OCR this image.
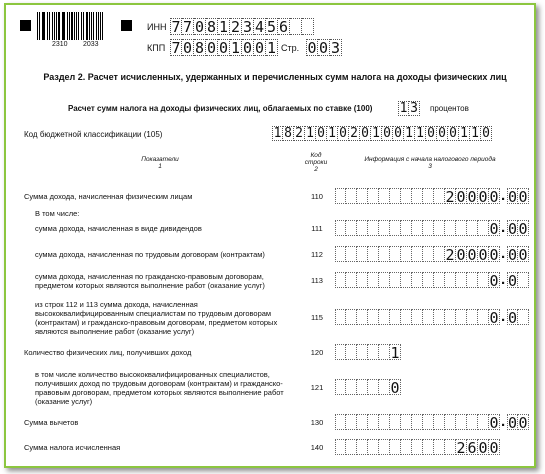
2310 2033
ИНН 7 7 0 8 1 2 3 4 5 6
КПП 7 0 8 0 0 1 0 0 1 Стр. 0 0 3
Раздел 2. Расчет исчисленных, удержанных и перечисленных сумм налога на доходы физических лиц
Расчет сумм налога на доходы физических лиц, облагаемых по ставке (100) 1 3 процентов
Код бюджетной классификации (105)	1 8 2 1 0 1 0 2 0 1 0 0 1 1 0 0 0 1 1 0
Показатели
1
Код
строки
2
Информация с начала налогового периода
3
Сумма дохода, начисленная физическим лицам	110	2 0 0 0 0 . 0 0
В том числе:
сумма дохода, начисленная в виде дивидендов	111	0 . 0 0
сумма дохода, начисленная по трудовым договорам (контрактам)	112	2 0 0 0 0 . 0 0
сумма дохода, начисленная по гражданско-правовым договорам, предметом которых являются выполнение работ (оказание услуг)
113	0 . 0
из строк 112 и 113 сумма дохода, начисленная высококвалифицированным специалистам по трудовым договорам (контрактам) и гражданско-правовым договорам, предметом которых являются выполнение работ (оказание услуг)
115	0 . 0
Количество физических лиц, получивших доход	120	1
в том числе количество высококвалифицированных специалистов, получивших доход по трудовым договорам (контрактам) и гражданско-правовым договорам, предметом которых являются выполнение работ (оказание услуг)
121	0
Сумма вычетов	130	0 . 0 0
Сумма налога исчисленная	140	2 6 0 0
